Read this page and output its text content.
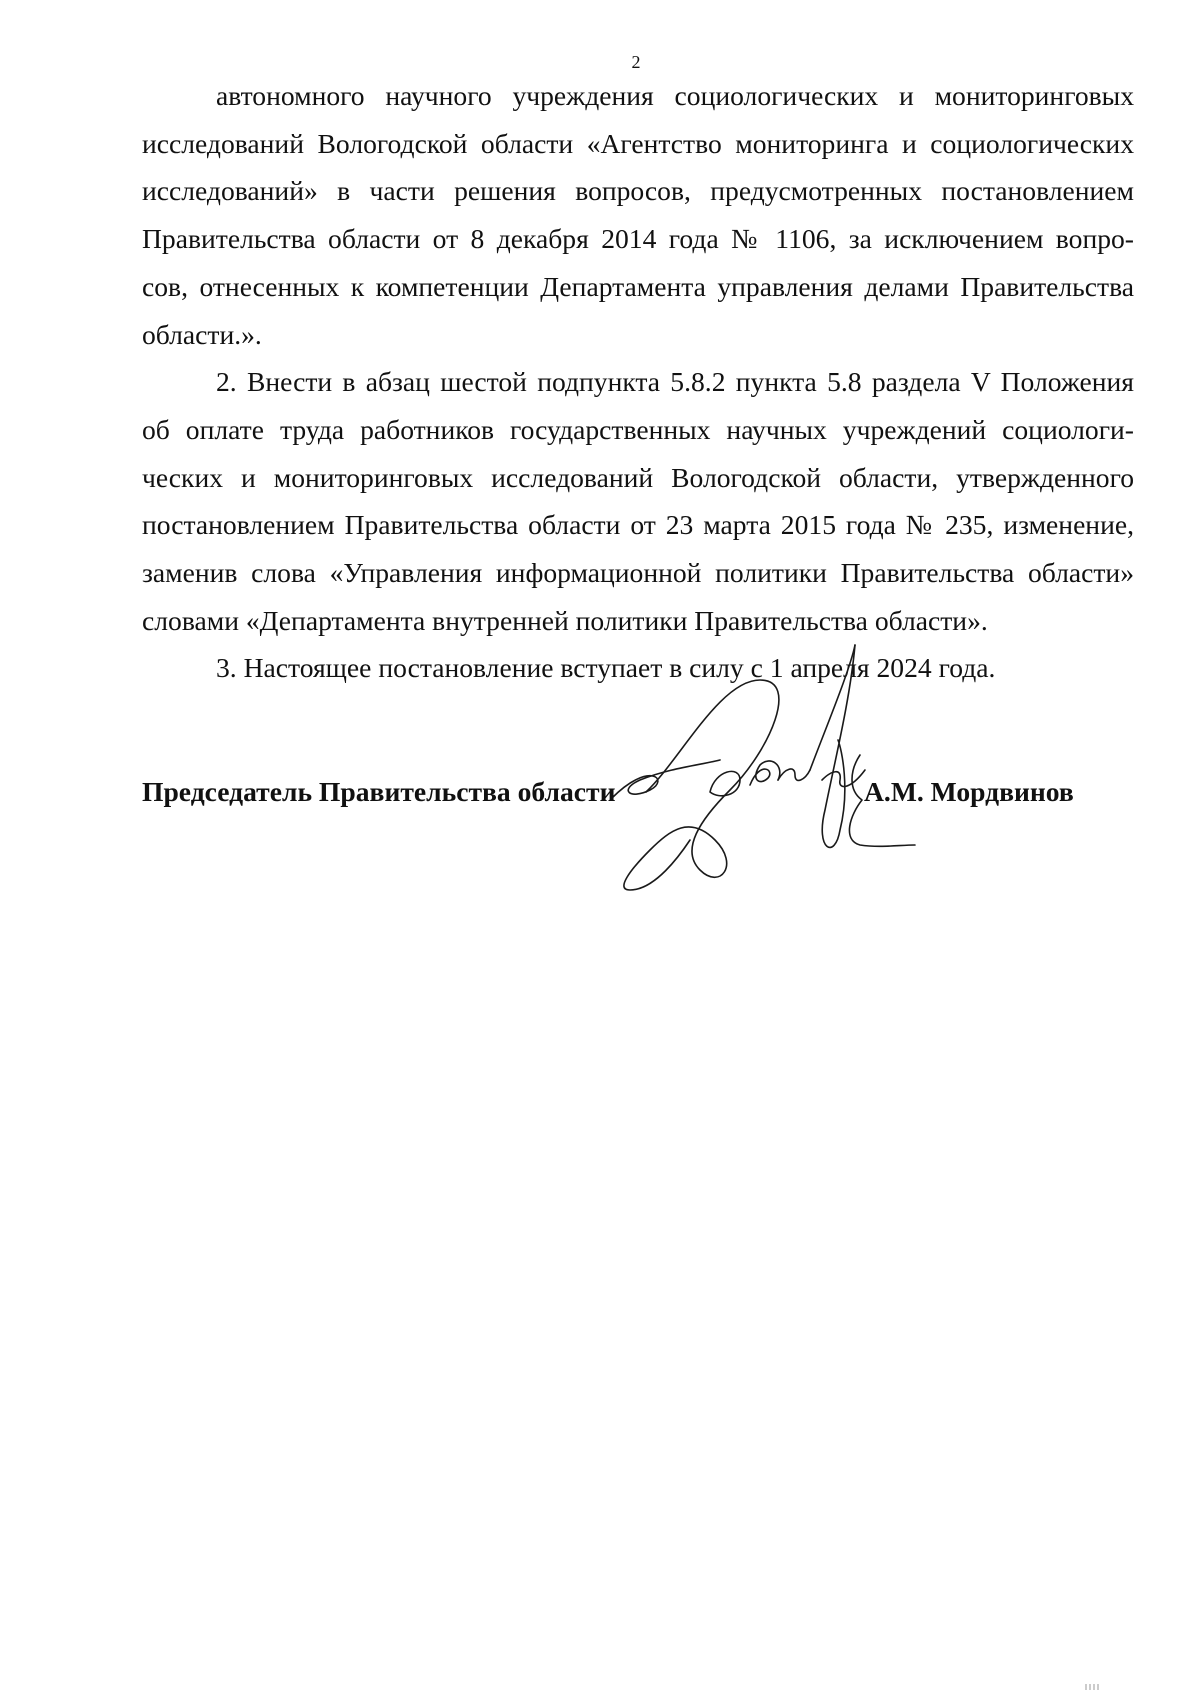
2

автономного научного учреждения социологических и мониторинговых
исследований Вологодской области «Агентство мониторинга и социологических
исследований» в части решения вопросов, предусмотренных постановлением
Правительства области от 8 декабря 2014 года № 1106, за исключением вопро-
сов, отнесенных к компетенции Департамента управления делами Правительства
области.».

2. Внести в абзац шестой подпункта 5.8.2 пункта 5.8 раздела V Положения
об оплате труда работников государственных научных учреждений социологи-
ческих и мониторинговых исследований Вологодской области, утвержденного
постановлением Правительства области от 23 марта 2015 года № 235, изменение,
заменив слова «Управления информационной политики Правительства области»
словами «Департамента внутренней политики Правительства области».

3. Настоящее постановление вступает в силу с 1 апреля 2024 года.

Председатель Правительства области	А.М. Мордвинов
